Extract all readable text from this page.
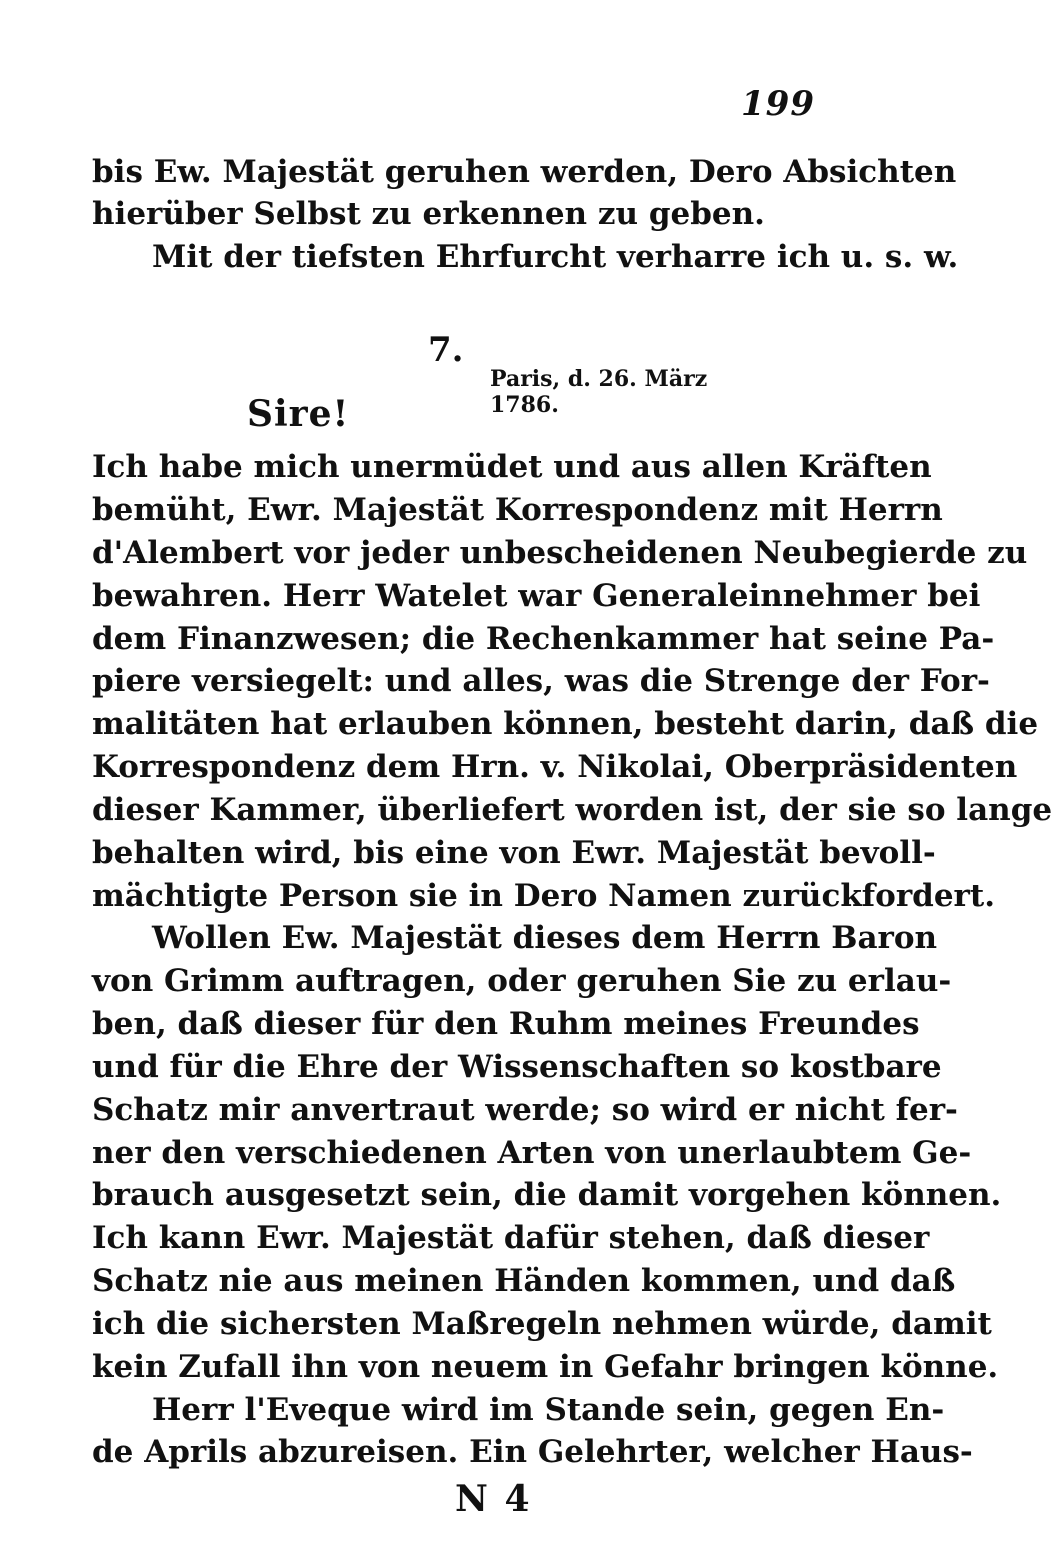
199
bis Ew. Majestät geruhen werden, Dero Absichten
hierüber Selbst zu erkennen zu geben.
Mit der tiefsten Ehrfurcht verharre ich u. s. w.
7.
Paris, d. 26. März 1786.
Sire!
Ich habe mich unermüdet und aus allen Kräften
bemüht, Ewr. Majestät Korrespondenz mit Herrn
d'Alembert vor jeder unbescheidenen Neubegierde zu
bewahren. Herr Watelet war Generaleinnehmer bei
dem Finanzwesen; die Rechenkammer hat seine Pa-
piere versiegelt: und alles, was die Strenge der For-
malitäten hat erlauben können, besteht darin, daß die
Korrespondenz dem Hrn. v. Nikolai, Oberpräsidenten
dieser Kammer, überliefert worden ist, der sie so lange
behalten wird, bis eine von Ewr. Majestät bevoll-
mächtigte Person sie in Dero Namen zurückfordert.
Wollen Ew. Majestät dieses dem Herrn Baron
von Grimm auftragen, oder geruhen Sie zu erlau-
ben, daß dieser für den Ruhm meines Freundes
und für die Ehre der Wissenschaften so kostbare
Schatz mir anvertraut werde; so wird er nicht fer-
ner den verschiedenen Arten von unerlaubtem Ge-
brauch ausgesetzt sein, die damit vorgehen können.
Ich kann Ewr. Majestät dafür stehen, daß dieser
Schatz nie aus meinen Händen kommen, und daß
ich die sichersten Maßregeln nehmen würde, damit
kein Zufall ihn von neuem in Gefahr bringen könne.
Herr l'Eveque wird im Stande sein, gegen En-
de Aprils abzureisen. Ein Gelehrter, welcher Haus-
N 4
